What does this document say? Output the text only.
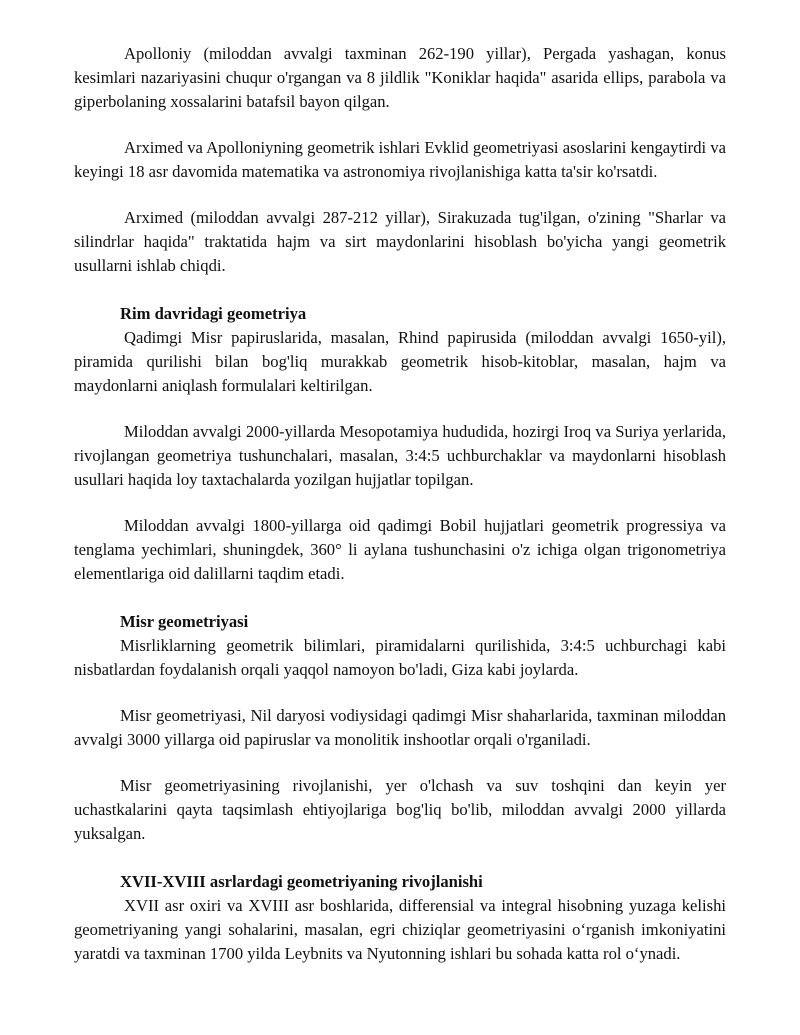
Apolloniy (miloddan avvalgi taxminan 262-190 yillar), Pergada yashagan, konus kesimlari nazariyasini chuqur o'rgangan va 8 jildlik "Koniklar haqida" asarida ellips, parabola va giperbolaning xossalarini batafsil bayon qilgan.

Arximed va Apolloniyning geometrik ishlari Evklid geometriyasi asoslarini kengaytirdi va keyingi 18 asr davomida matematika va astronomiya rivojlanishiga katta ta'sir ko'rsatdi.

Arximed (miloddan avvalgi 287-212 yillar), Sirakuzada tug'ilgan, o'zining "Sharlar va silindrlar haqida" traktatida hajm va sirt maydonlarini hisoblash bo'yicha yangi geometrik usullarni ishlab chiqdi.

Rim davridagi geometriya

Qadimgi Misr papiruslarida, masalan, Rhind papirusida (miloddan avvalgi 1650-yil), piramida qurilishi bilan bog'liq murakkab geometrik hisob-kitoblar, masalan, hajm va maydonlarni aniqlash formulalari keltirilgan.

Miloddan avvalgi 2000-yillarda Mesopotamiya hududida, hozirgi Iroq va Suriya yerlarida, rivojlangan geometriya tushunchalari, masalan, 3:4:5 uchburchaklar va maydonlarni hisoblash usullari haqida loy taxtachalarda yozilgan hujjatlar topilgan.

Miloddan avvalgi 1800-yillarga oid qadimgi Bobil hujjatlari geometrik progressiya va tenglama yechimlari, shuningdek, 360° li aylana tushunchasini o'z ichiga olgan trigonometriya elementlariga oid dalillarni taqdim etadi.

Misr geometriyasi

Misrliklarning geometrik bilimlari, piramidalarni qurilishida, 3:4:5 uchburchagi kabi nisbatlardan foydalanish orqali yaqqol namoyon bo'ladi, Giza kabi joylarda.

Misr geometriyasi, Nil daryosi vodiysidagi qadimgi Misr shaharlarida, taxminan miloddan avvalgi 3000 yillarga oid papiruslar va monolitik inshootlar orqali o'rganiladi.

Misr geometriyasining rivojlanishi, yer o'lchash va suv toshqini dan keyin yer uchastkalarini qayta taqsimlash ehtiyojlariga bog'liq bo'lib, miloddan avvalgi 2000 yillarda yuksalgan.

XVII-XVIII asrlardagi geometriyaning rivojlanishi

XVII asr oxiri va XVIII asr boshlarida, differensial va integral hisobning yuzaga kelishi geometriyaning yangi sohalarini, masalan, egri chiziqlar geometriyasini o‘rganish imkoniyatini yaratdi va taxminan 1700 yilda Leybnits va Nyutonning ishlari bu sohada katta rol o‘ynadi.
